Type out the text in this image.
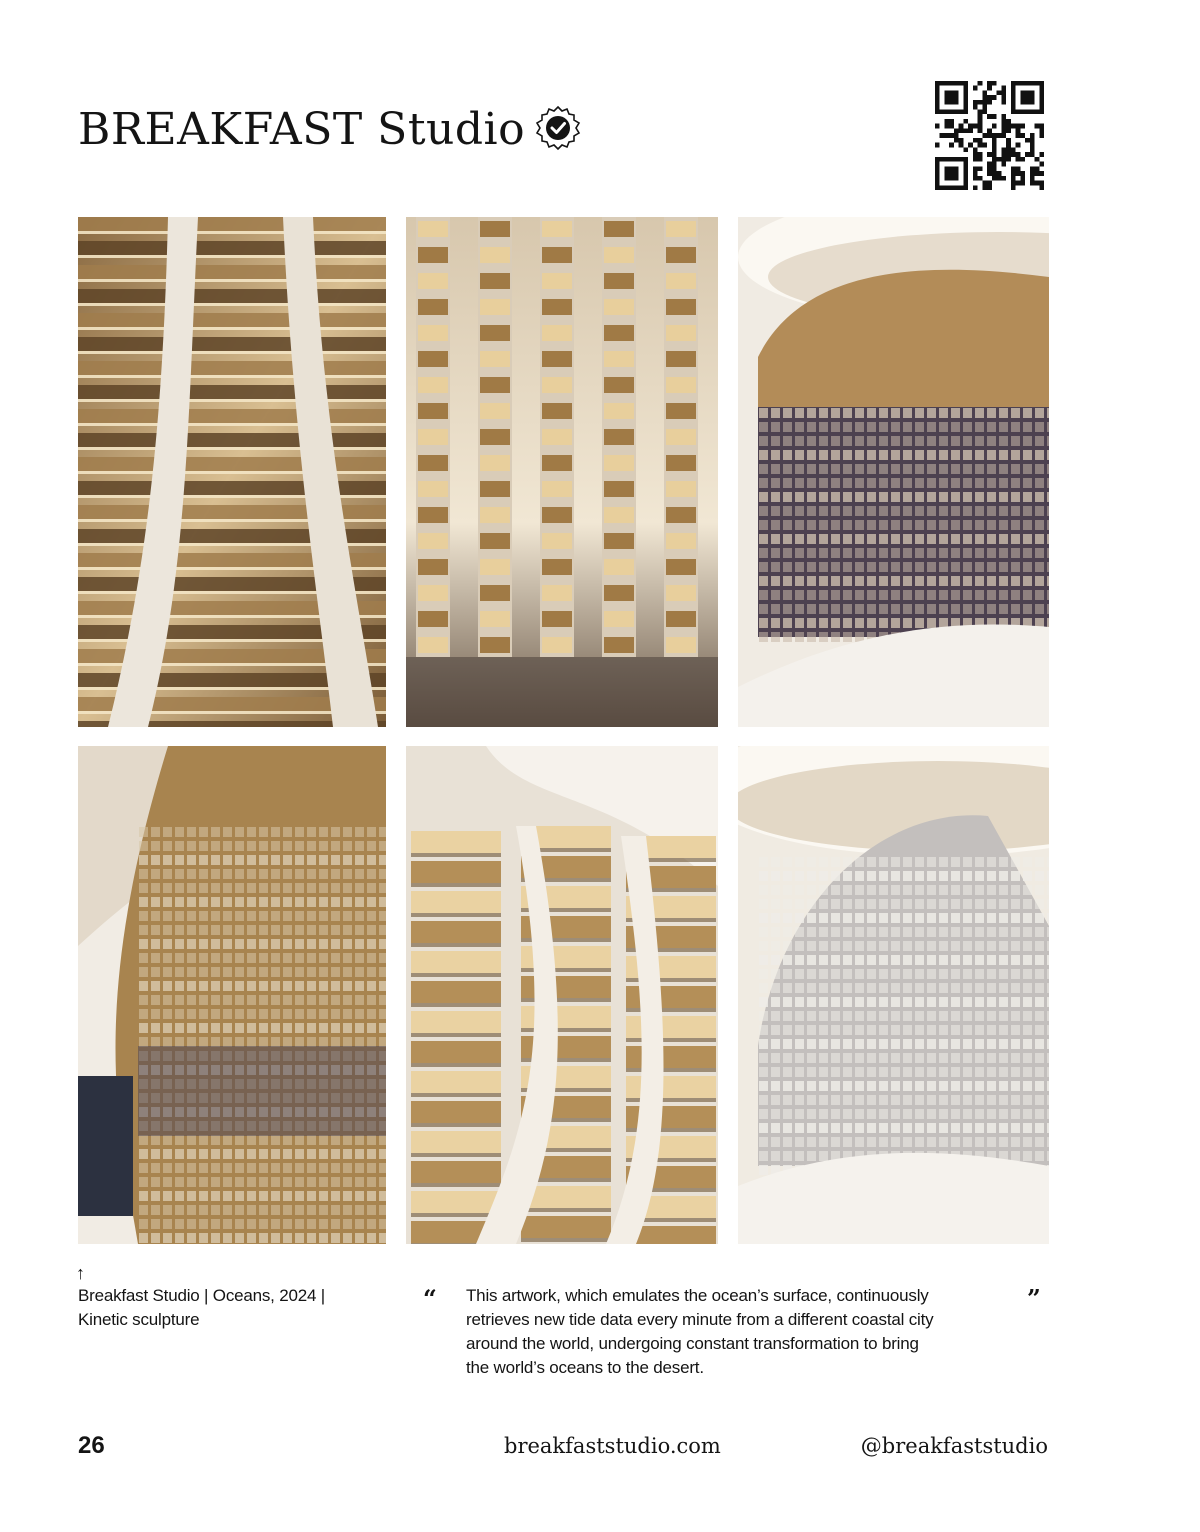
BREAKFAST Studio
↑
Breakfast Studio | Oceans, 2024 |
Kinetic sculpture
“ This artwork, which emulates the ocean’s surface, continuously
retrieves new tide data every minute from a different coastal city
around the world, undergoing constant transformation to bring
the world’s oceans to the desert.
”
26	breakfaststudio.com	@breakfaststudio
